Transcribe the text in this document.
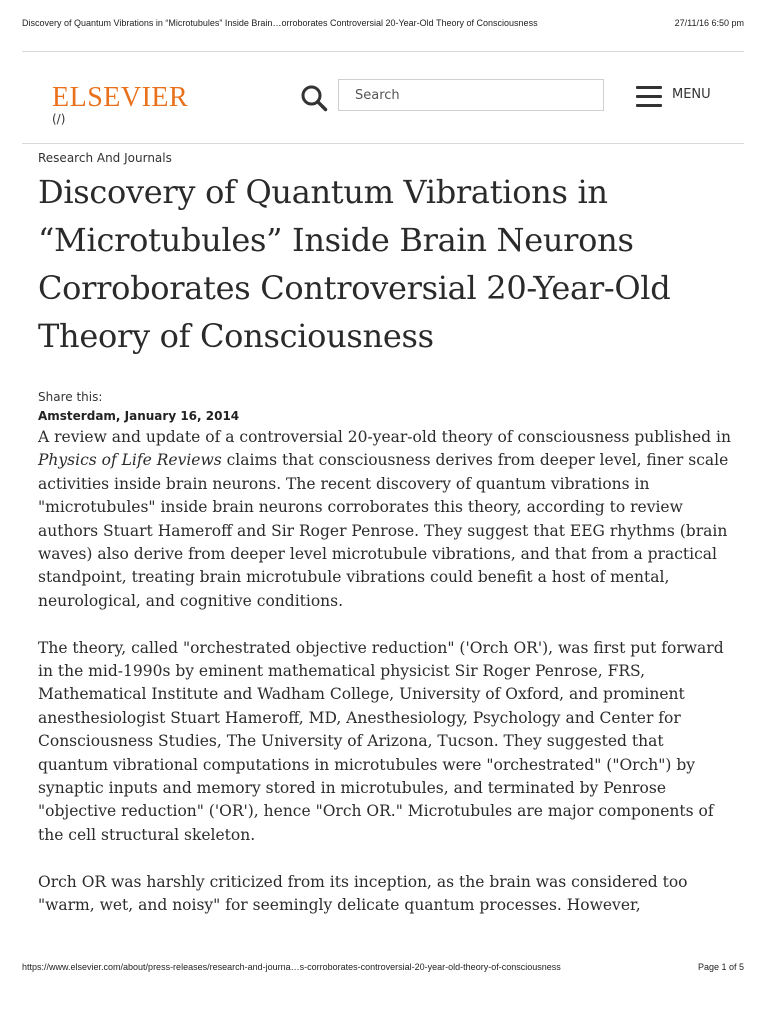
Discovery of Quantum Vibrations in “Microtubules” Inside Brain…orroborates Controversial 20-Year-Old Theory of Consciousness	27/11/16 6:50 pm
ELSEVIER
(/)
Search
MENU
Research And Journals
Discovery of Quantum Vibrations in “Microtubules” Inside Brain Neurons Corroborates Controversial 20-Year-Old Theory of Consciousness
Share this:
Amsterdam, January 16, 2014

A review and update of a controversial 20-year-old theory of consciousness published in Physics of Life Reviews claims that consciousness derives from deeper level, finer scale activities inside brain neurons. The recent discovery of quantum vibrations in "microtubules" inside brain neurons corroborates this theory, according to review authors Stuart Hameroff and Sir Roger Penrose. They suggest that EEG rhythms (brain waves) also derive from deeper level microtubule vibrations, and that from a practical standpoint, treating brain microtubule vibrations could benefit a host of mental, neurological, and cognitive conditions.

The theory, called "orchestrated objective reduction" ('Orch OR'), was first put forward in the mid-1990s by eminent mathematical physicist Sir Roger Penrose, FRS, Mathematical Institute and Wadham College, University of Oxford, and prominent anesthesiologist Stuart Hameroff, MD, Anesthesiology, Psychology and Center for Consciousness Studies, The University of Arizona, Tucson. They suggested that quantum vibrational computations in microtubules were "orchestrated" ("Orch") by synaptic inputs and memory stored in microtubules, and terminated by Penrose "objective reduction" ('OR'), hence "Orch OR." Microtubules are major components of the cell structural skeleton.

Orch OR was harshly criticized from its inception, as the brain was considered too "warm, wet, and noisy" for seemingly delicate quantum processes. However,

https://www.elsevier.com/about/press-releases/research-and-journa…s-corroborates-controversial-20-year-old-theory-of-consciousness	Page 1 of 5
